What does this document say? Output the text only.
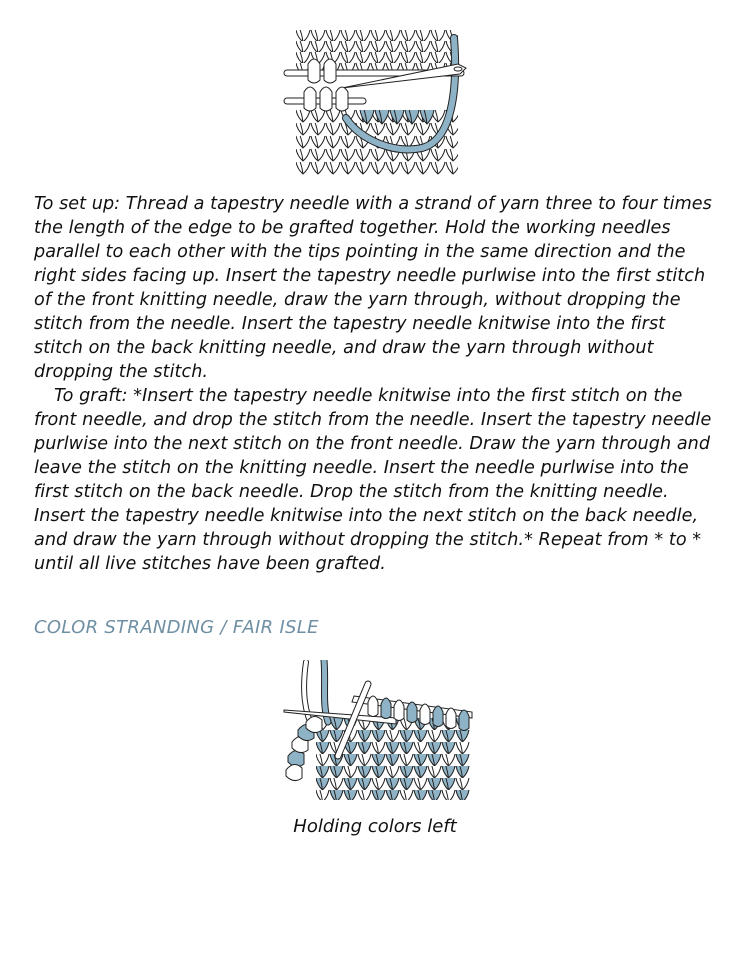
To set up: Thread a tapestry needle with a strand of yarn three to four times the length of the edge to be grafted together. Hold the working needles parallel to each other with the tips pointing in the same direction and the right sides facing up. Insert the tapestry needle purlwise into the first stitch of the front knitting needle, draw the yarn through, without dropping the stitch from the needle. Insert the tapestry needle knitwise into the first stitch on the back knitting needle, and draw the yarn through without dropping the stitch.

To graft: *Insert the tapestry needle knitwise into the first stitch on the front needle, and drop the stitch from the needle. Insert the tapestry needle purlwise into the next stitch on the front needle. Draw the yarn through and leave the stitch on the knitting needle. Insert the needle purlwise into the first stitch on the back needle. Drop the stitch from the knitting needle. Insert the tapestry needle knitwise into the next stitch on the back needle, and draw the yarn through without dropping the stitch.* Repeat from * to * until all live stitches have been grafted.

COLOR STRANDING / FAIR ISLE

Holding colors left
